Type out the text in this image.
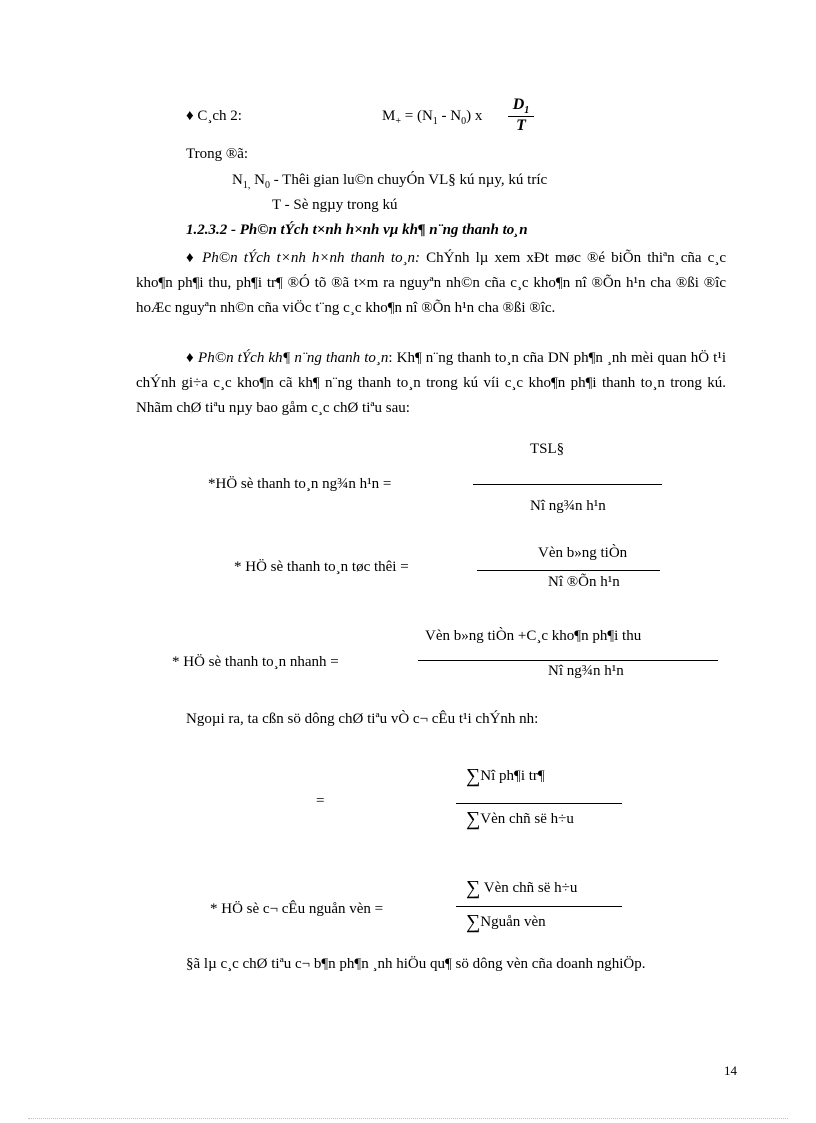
♦ C¸ch 2:	$M_+ = (N_1 - N_0)$ x
$D_1$
T
Trong ®ã:
$N_{1,}$ $N_0$ - Thêi gian lu©n chuyÓn VL§ kú nµy, kú tríc
T - Sè ngµy trong kú
1.2.3.2 - Ph©n tÝch t×nh h×nh vµ kh¶ n¨ng thanh to¸n
♦ Ph©n tÝch t×nh h×nh thanh to¸n: ChÝnh lµ xem xÐt møc ®é biÕn thiªn cña c¸c kho¶n ph¶i thu, ph¶i tr¶ ®Ó tõ ®ã t×m ra nguyªn nh©n cña c¸c kho¶n nî ®Õn h¹n cha ®ßi ®îc hoÆc nguyªn nh©n cña viÖc t¨ng c¸c kho¶n nî ®Õn h¹n cha ®ßi ®îc.
♦ Ph©n tÝch kh¶ n¨ng thanh to¸n: Kh¶ n¨ng thanh to¸n cña DN ph¶n ¸nh mèi quan hÖ t¹i chÝnh gi÷a c¸c kho¶n cã kh¶ n¨ng thanh to¸n trong kú víi c¸c kho¶n ph¶i thanh to¸n trong kú. Nhãm chØ tiªu nµy bao gåm c¸c chØ tiªu sau:
*HÖ sè thanh to¸n ng¾n h¹n =
TSL§
Nî ng¾n h¹n
* HÖ sè thanh to¸n tøc thêi =
Vèn b»ng tiÒn
Nî ®Õn h¹n
* HÖ sè thanh to¸n nhanh =
Vèn b»ng tiÒn +C¸c kho¶n ph¶i thu
Nî ng¾n h¹n
Ngoµi ra, ta cßn sö dông chØ tiªu vÒ c¬ cÊu t¹i chÝnh nh:
=
∑Nî ph¶i tr¶
∑Vèn chñ së h÷u
* HÖ sè c¬ cÊu nguån vèn =
∑ Vèn chñ së h÷u
∑Nguån vèn
§ã lµ c¸c chØ tiªu c¬ b¶n ph¶n ¸nh hiÖu qu¶ sö dông vèn cña doanh nghiÖp.
14
